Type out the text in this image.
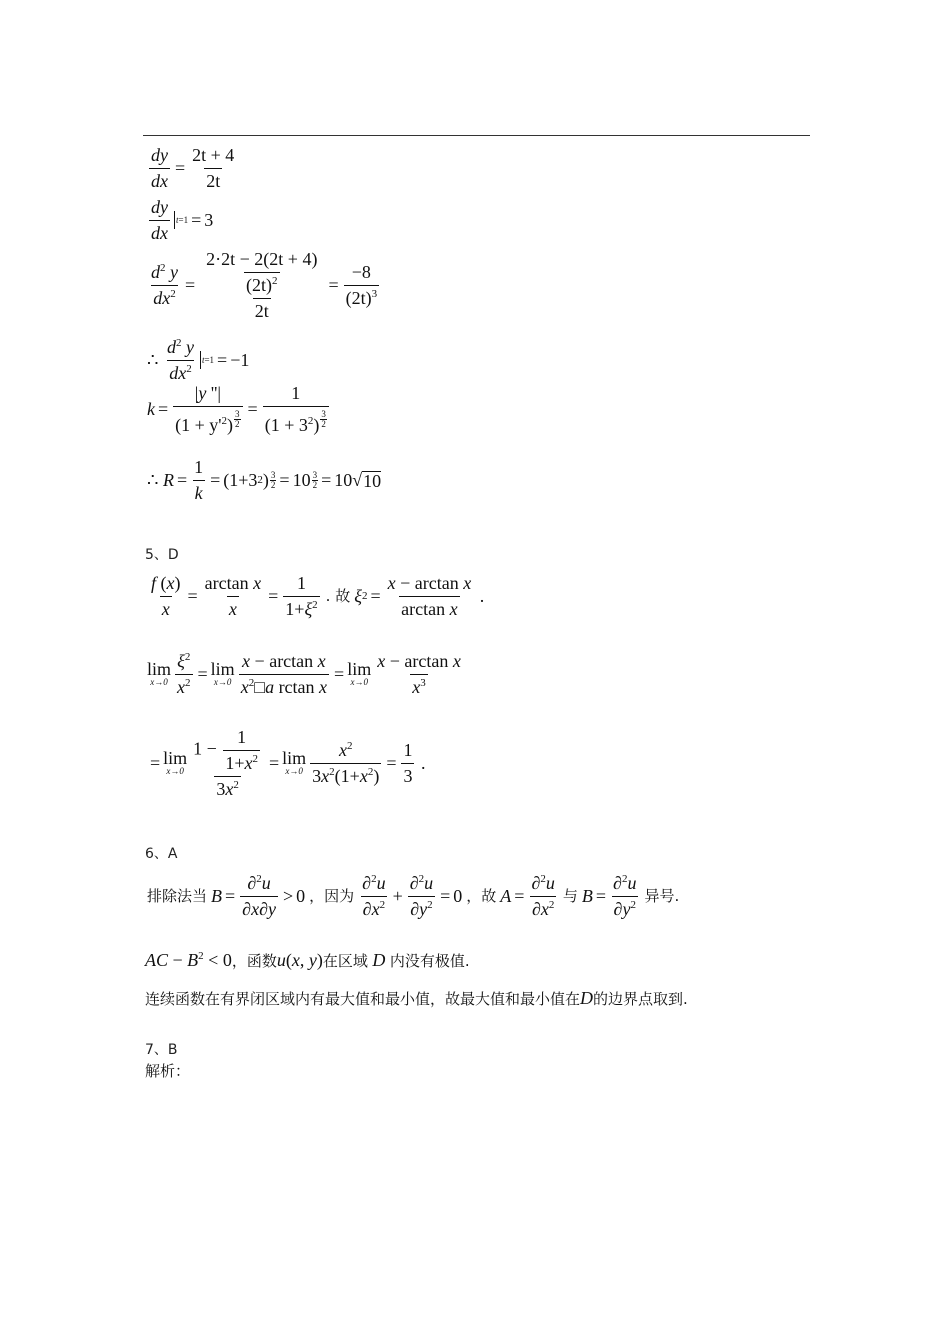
$\frac{dy}{dx} = \frac{2t + 4}{2t}$
dy
dx
t=1 = 3
$\frac{d^2 y}{dx^2} = \frac{\frac{2\cdot 2t - 2(2t + 4)}{(2t)^2}}{2t} = \frac{-8}{(2t)^3}$
∴

$d^2$ y
$dx^2$
t=1 = −1
$k = \frac{|y ''|}{(1 + y'^2) \frac{3}{2}} = \frac{1}{(1 + 3^2) \frac{3}{2}}$
∴
$R = \frac{1}{k} = (1+3$ 2 ) $\frac{3}{2} = 10 \frac{3}{2} = 10$ √ 10
5、D
$\frac{f (x)}{x} = \frac{\text{arctan x}}{x} = \frac{1}{1+\xi^2}$ . 故 ξ $2 = \frac{\text{x − arctan x}}{\text{arctan x}}$ .
lim
$x\to 0 \frac{\xi^2}{x^2} = \lim$
$x\to 0 \frac{\text{x − arctan x}}{x^2□a rctan x} = \lim$
x→0
x − arctan x
$x^3$
= lim
$x\to 0 \frac{1 - \frac{1}{1+x^2}}{3x^2} = \lim$
$x\to 0 \frac{x^2}{3x^2(1+x^2)} = \frac{1}{3}$ .
6、A
排除法当 $B = \frac{\partial^2u}{\partial x\partial y} > 0$ ，因为
∂$^2$u
$\partial x^2 + \frac{\partial^2u}{\partial y^2} = 0$ ，故 $A = \frac{\partial^2u}{\partial x^2}$ 与 $B = \frac{\partial^2u}{\partial y^2}$ 异号.
AC − $B^2 < 0$，函数u(x, y)在区域 D 内没有极值.
连续函数在有界闭区域内有最大值和最小值，故最大值和最小值在D的边界点取到.
7、B
解析：
